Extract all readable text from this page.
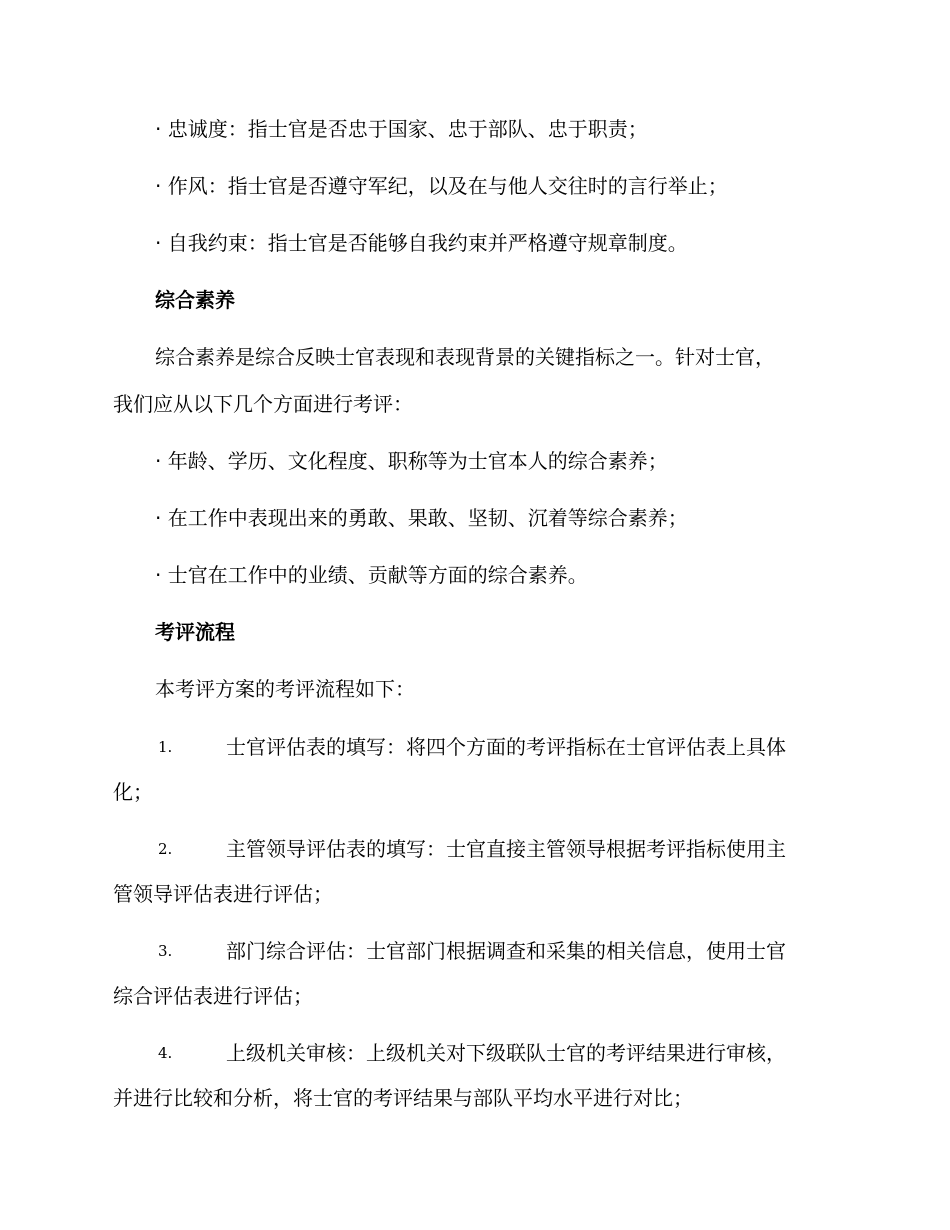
· 忠诚度：指士官是否忠于国家、忠于部队、忠于职责；
· 作风：指士官是否遵守军纪，以及在与他人交往时的言行举止；
· 自我约束：指士官是否能够自我约束并严格遵守规章制度。
综合素养
综合素养是综合反映士官表现和表现背景的关键指标之一。针对士官，
我们应从以下几个方面进行考评：
· 年龄、学历、文化程度、职称等为士官本人的综合素养；
· 在工作中表现出来的勇敢、果敢、坚韧、沉着等综合素养；
· 士官在工作中的业绩、贡献等方面的综合素养。
考评流程
本考评方案的考评流程如下：
1.	士官评估表的填写：将四个方面的考评指标在士官评估表上具体
化；
2.	主管领导评估表的填写：士官直接主管领导根据考评指标使用主
管领导评估表进行评估；
3.	部门综合评估：士官部门根据调查和采集的相关信息，使用士官
综合评估表进行评估；
4.	上级机关审核：上级机关对下级联队士官的考评结果进行审核，
并进行比较和分析，将士官的考评结果与部队平均水平进行对比；
